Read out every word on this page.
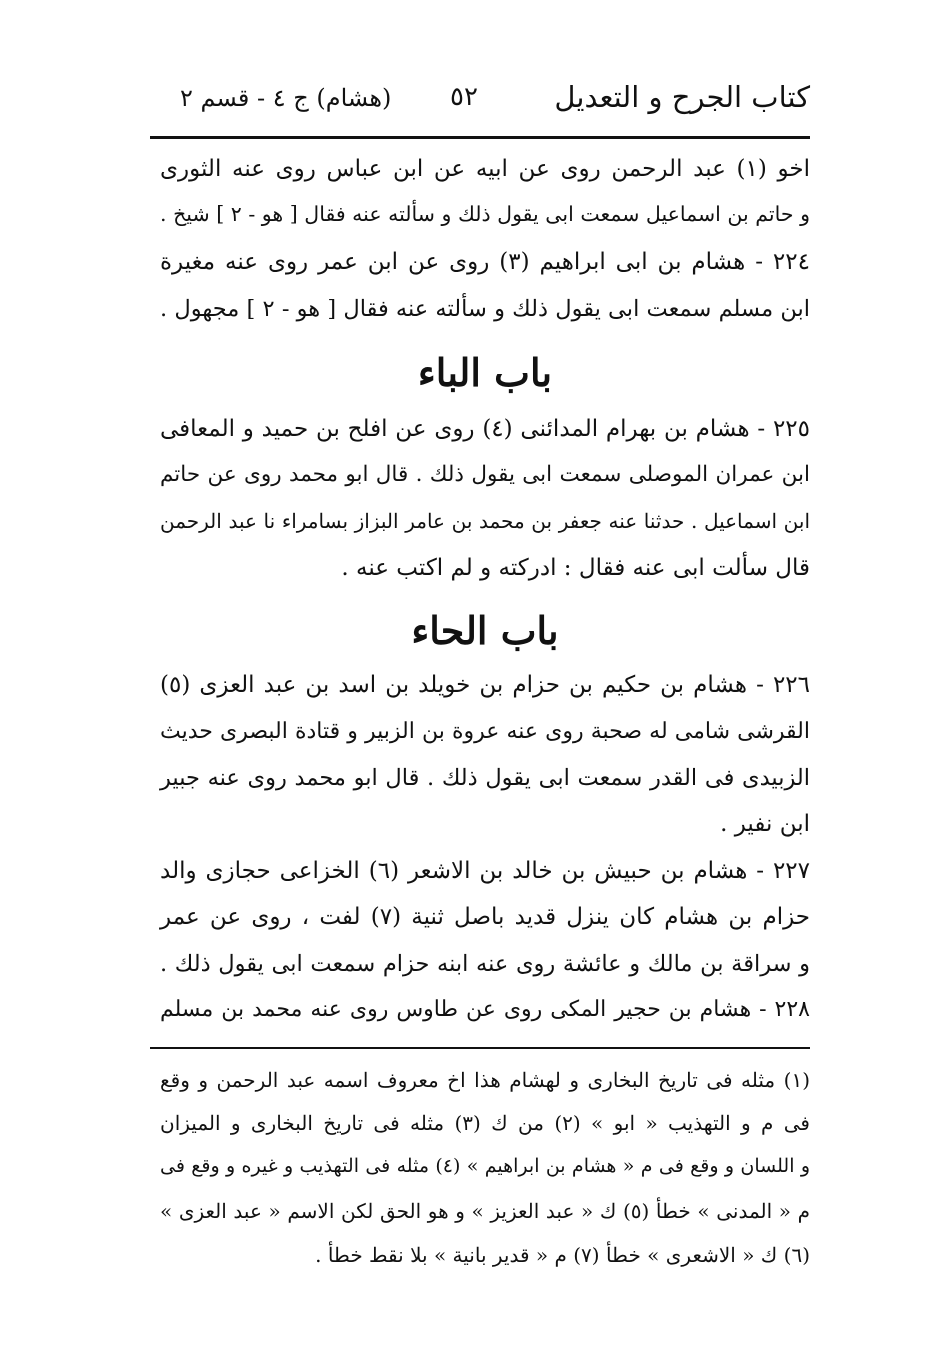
كتاب الجرح و التعديل
٥٢
(هشام) ج ٤ - قسم ٢
اخو (١) عبد الرحمن روى عن ابيه عن ابن عباس روى عنه الثورى
و حاتم بن اسماعيل سمعت ابى يقول ذلك و سألته عنه فقال [ هو - ٢ ] شيخ .
٢٢٤ - هشام بن ابى ابراهيم (٣) روى عن ابن عمر روى عنه مغيرة
ابن مسلم سمعت ابى يقول ذلك و سألته عنه فقال [ هو - ٢ ] مجهول .
باب الباء
٢٢٥ - هشام بن بهرام المدائنى (٤) روى عن افلح بن حميد و المعافى
ابن عمران الموصلى سمعت ابى يقول ذلك . قال ابو محمد روى عن حاتم
ابن اسماعيل . حدثنا عنه جعفر بن محمد بن عامر البزاز بسامراء نا عبد الرحمن
قال سألت ابى عنه فقال : ادركته و لم اكتب عنه .
باب الحاء
٢٢٦ - هشام بن حكيم بن حزام بن خويلد بن اسد بن عبد العزى (٥)
القرشى شامى له صحبة روى عنه عروة بن الزبير و قتادة البصرى حديث
الزبيدى فى القدر سمعت ابى يقول ذلك . قال ابو محمد روى عنه جبير
ابن نفير .
٢٢٧ - هشام بن حبيش بن خالد بن الاشعر (٦) الخزاعى حجازى والد
حزام بن هشام كان ينزل قديد باصل ثنية (٧) لفت ، روى عن عمر
و سراقة بن مالك و عائشة روى عنه ابنه حزام سمعت ابى يقول ذلك .
٢٢٨ - هشام بن حجير المكى روى عن طاوس روى عنه محمد بن مسلم
(١) مثله فى تاريخ البخارى و لهشام هذا اخ معروف اسمه عبد الرحمن و وقع
فى م و التهذيب « ابو » (٢) من ك (٣) مثله فى تاريخ البخارى و الميزان
و اللسان و وقع فى م « هشام بن ابراهيم » (٤) مثله فى التهذيب و غيره و وقع فى
م « المدنى » خطأ (٥) ك « عبد العزيز » و هو الحق لكن الاسم « عبد العزى »
(٦) ك « الاشعرى » خطأ (٧) م « قدير بانية » بلا نقط خطأ .
